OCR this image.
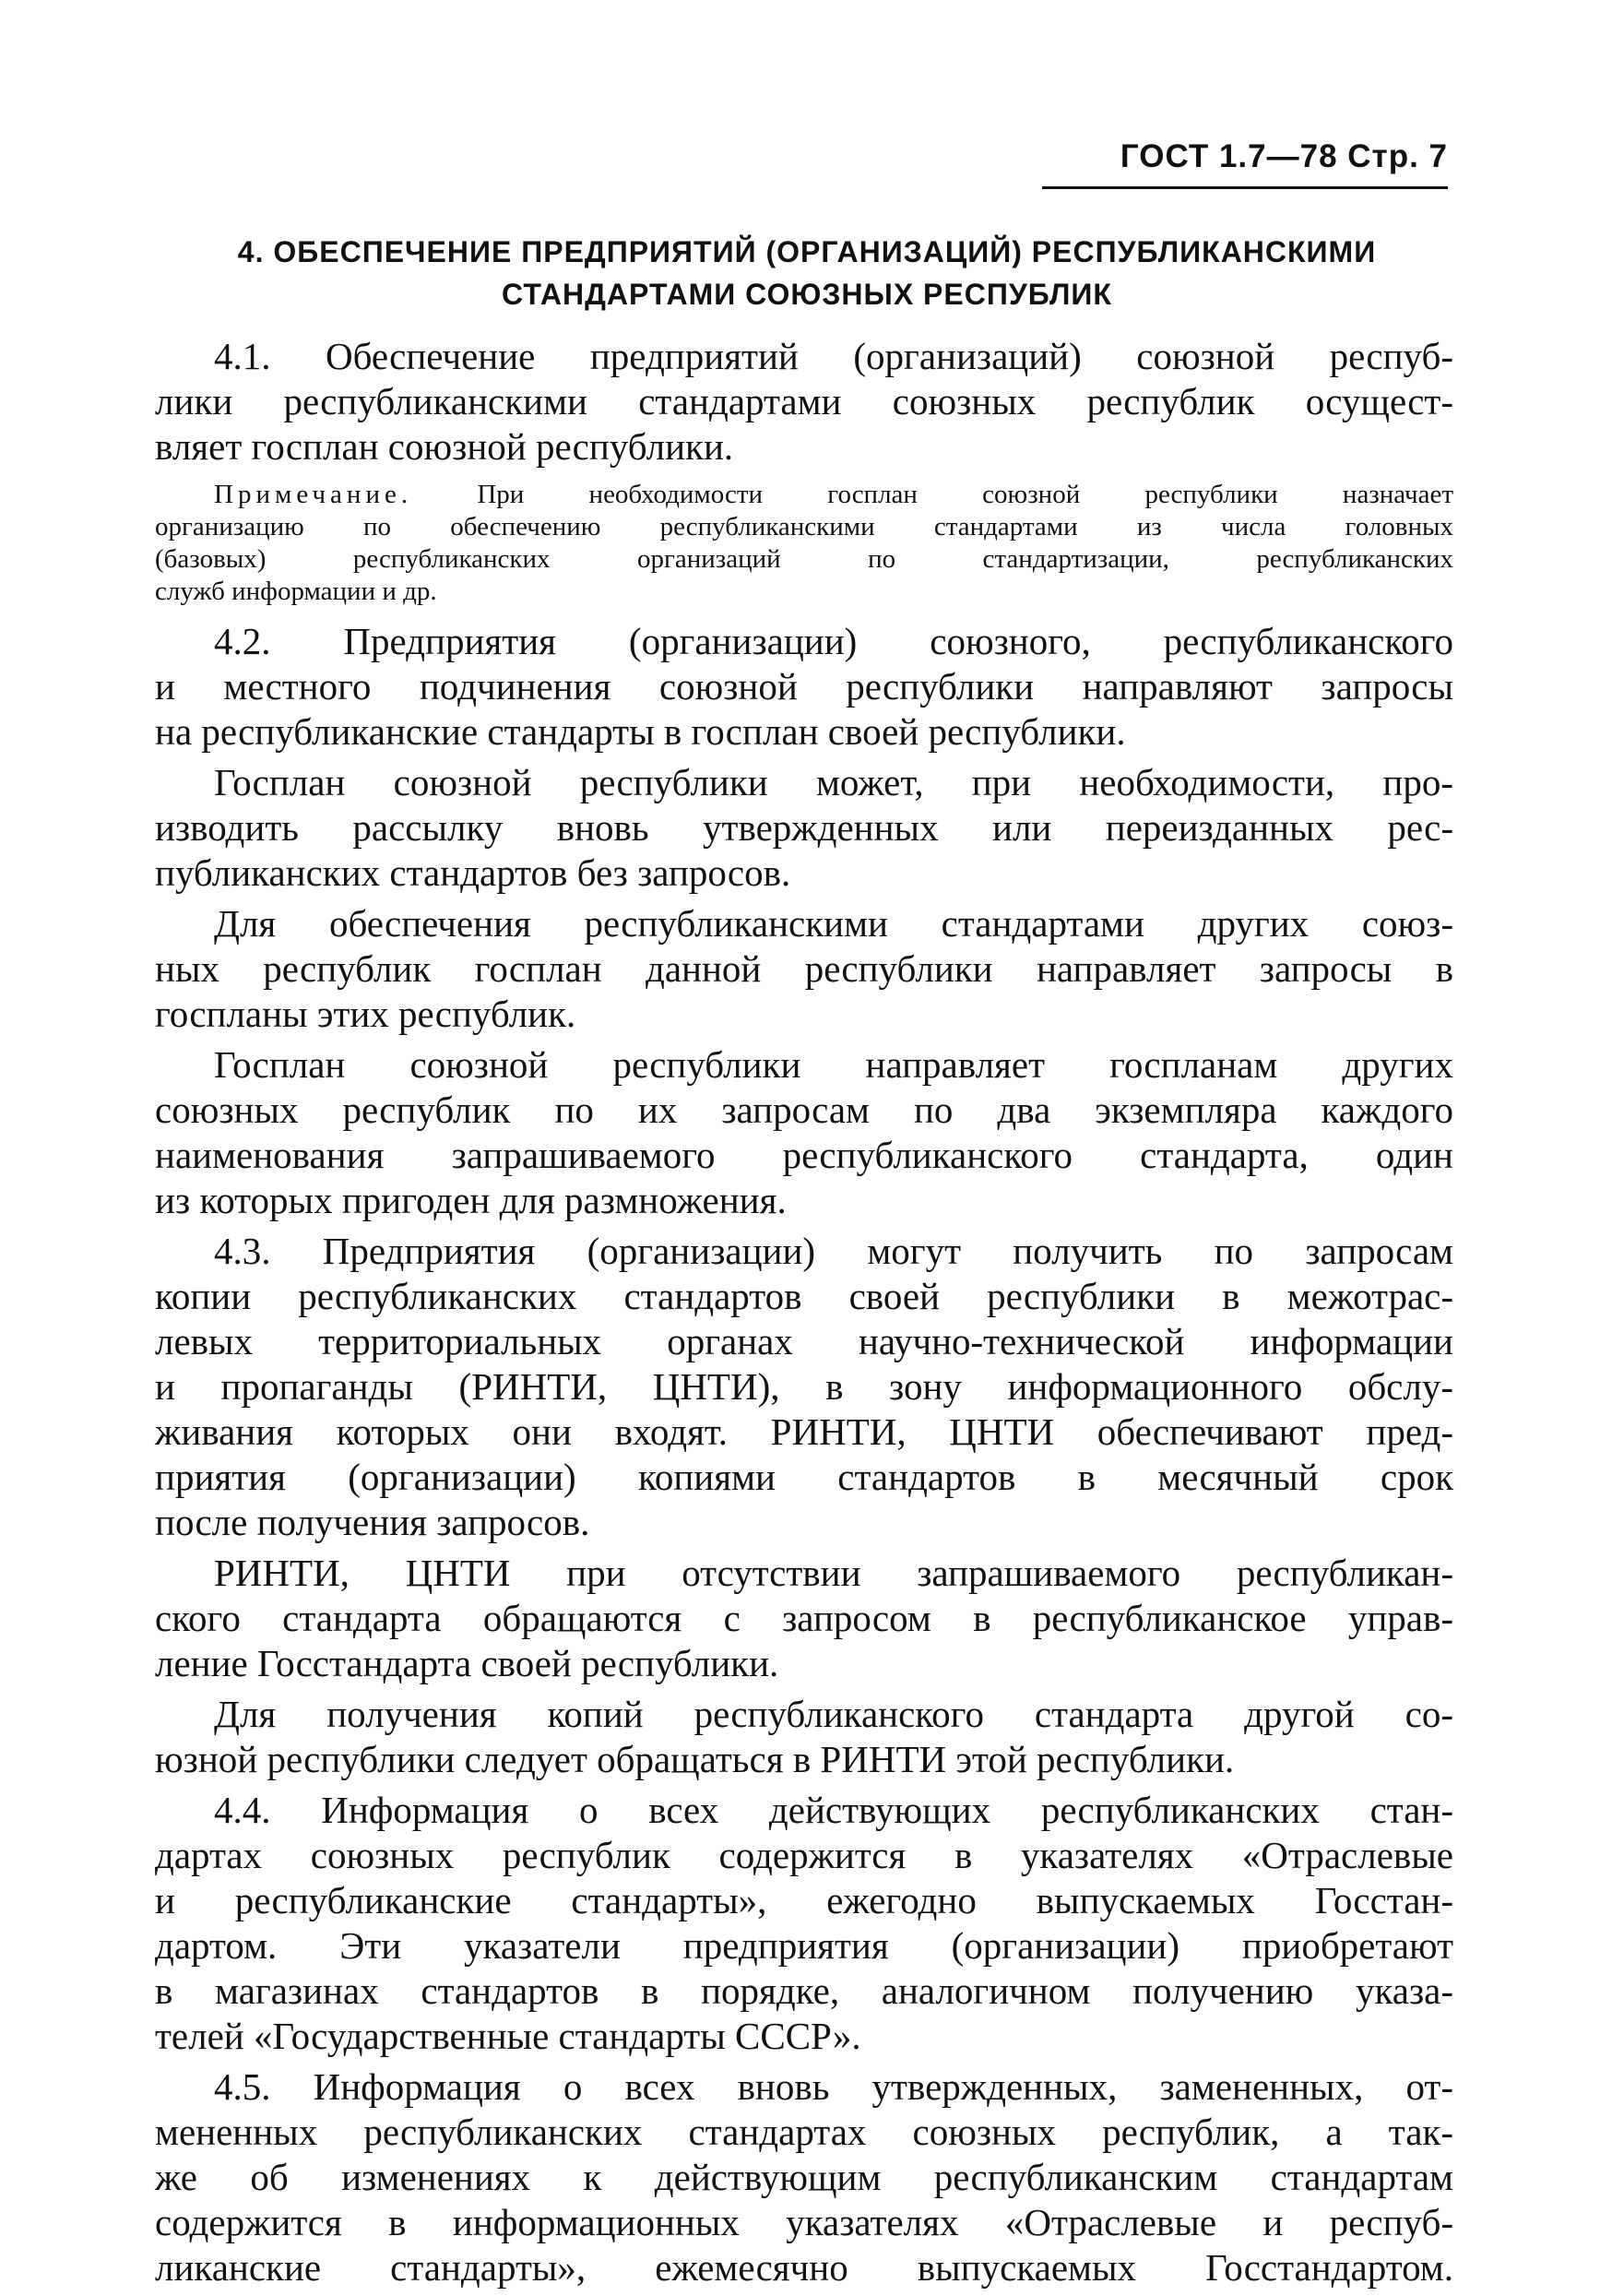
ГОСТ 1.7—78 Стр. 7
4. ОБЕСПЕЧЕНИЕ ПРЕДПРИЯТИЙ (ОРГАНИЗАЦИЙ) РЕСПУБЛИКАНСКИМИ
СТАНДАРТАМИ СОЮЗНЫХ РЕСПУБЛИК
4.1. Обеспечение предприятий (организаций) союзной респуб-
лики республиканскими стандартами союзных республик осущест-
вляет госплан союзной республики.
Примечание. При необходимости госплан союзной республики назначает
организацию по обеспечению республиканскими стандартами из числа головных
(базовых) республиканских организаций по стандартизации, республиканских
служб информации и др.
4.2. Предприятия (организации) союзного, республиканского
и местного подчинения союзной республики направляют запросы
на республиканские стандарты в госплан своей республики.
Госплан союзной республики может, при необходимости, про-
изводить рассылку вновь утвержденных или переизданных рес-
публиканских стандартов без запросов.
Для обеспечения республиканскими стандартами других союз-
ных республик госплан данной республики направляет запросы в
госпланы этих республик.
Госплан союзной республики направляет госпланам других
союзных республик по их запросам по два экземпляра каждого
наименования запрашиваемого республиканского стандарта, один
из которых пригоден для размножения.
4.3. Предприятия (организации) могут получить по запросам
копии республиканских стандартов своей республики в межотрас-
левых территориальных органах научно-технической информации
и пропаганды (РИНТИ, ЦНТИ), в зону информационного обслу-
живания которых они входят. РИНТИ, ЦНТИ обеспечивают пред-
приятия (организации) копиями стандартов в месячный срок
после получения запросов.
РИНТИ, ЦНТИ при отсутствии запрашиваемого республикан-
ского стандарта обращаются с запросом в республиканское управ-
ление Госстандарта своей республики.
Для получения копий республиканского стандарта другой со-
юзной республики следует обращаться в РИНТИ этой республики.
4.4. Информация о всех действующих республиканских стан-
дартах союзных республик содержится в указателях «Отраслевые
и республиканские стандарты», ежегодно выпускаемых Госстан-
дартом. Эти указатели предприятия (организации) приобретают
в магазинах стандартов в порядке, аналогичном получению указа-
телей «Государственные стандарты СССР».
4.5. Информация о всех вновь утвержденных, замененных, от-
мененных республиканских стандартах союзных республик, а так-
же об изменениях к действующим республиканским стандартам
содержится в информационных указателях «Отраслевые и респуб-
ликанские стандарты», ежемесячно выпускаемых Госстандартом.
